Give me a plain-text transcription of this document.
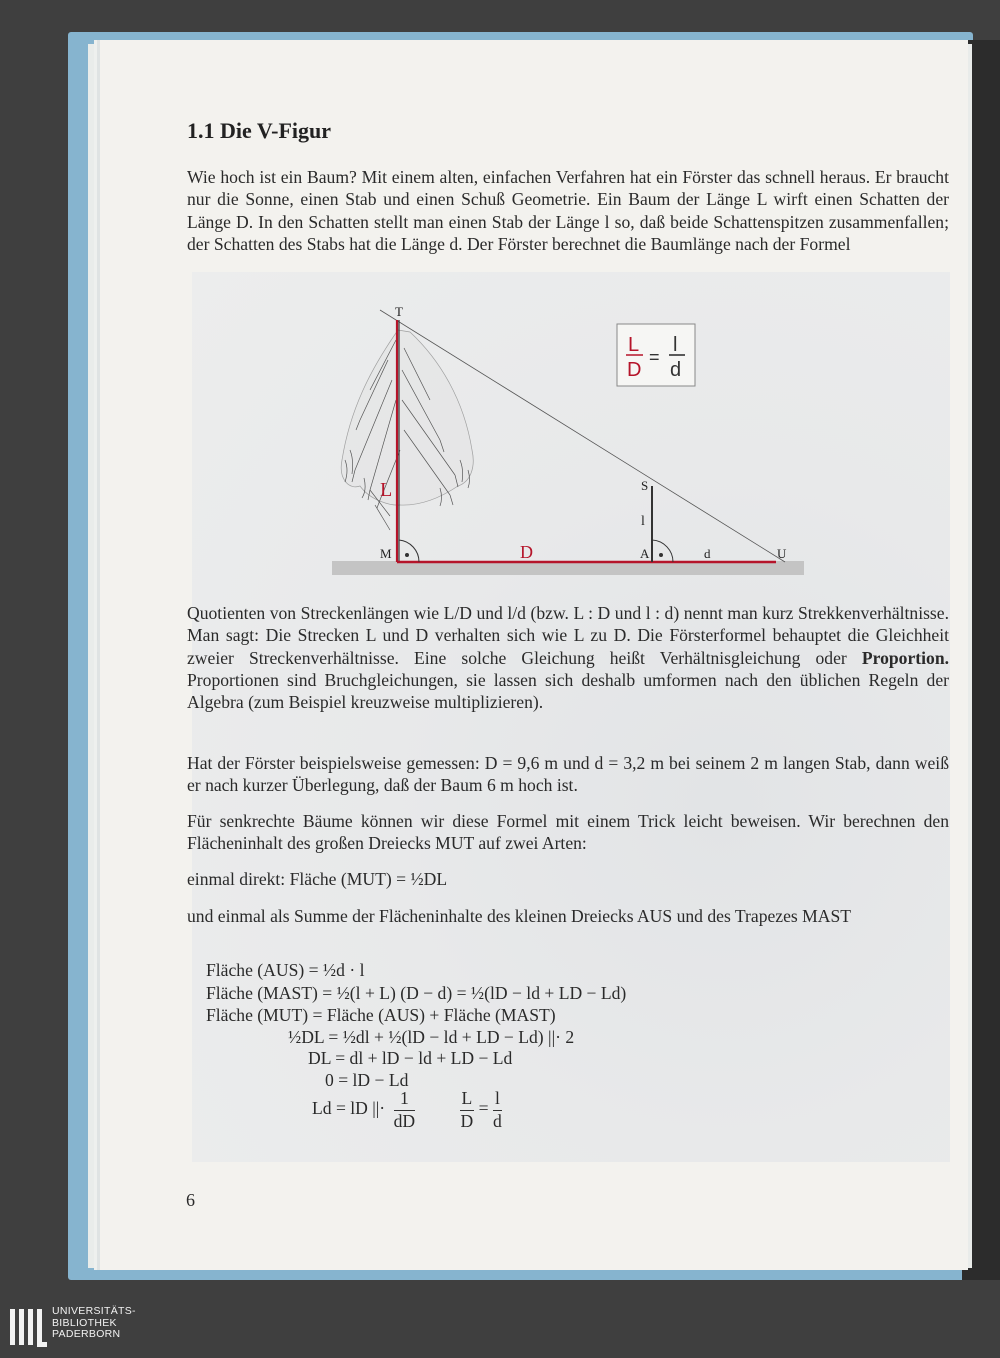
1.1 Die V-Figur

Wie hoch ist ein Baum? Mit einem alten, einfachen Verfahren hat ein Förster das schnell heraus. Er braucht nur die Sonne, einen Stab und einen Schuß Geometrie. Ein Baum der Länge L wirft einen Schatten der Länge D. In den Schatten stellt man einen Stab der Länge l so, daß beide Schattenspitzen zusammenfallen; der Schatten des Stabs hat die Länge d. Der Förster berechnet die Baumlänge nach der Formel

T
S
l
M	A	d	U
L
D
L
D
=
l
d

Quotienten von Streckenlängen wie L/D und l/d (bzw. L : D und l : d) nennt man kurz Strekkenverhältnisse. Man sagt: Die Strecken L und D verhalten sich wie L zu D. Die Försterformel behauptet die Gleichheit zweier Streckenverhältnisse. Eine solche Gleichung heißt Verhältnisgleichung oder Proportion. Proportionen sind Bruchgleichungen, sie lassen sich deshalb umformen nach den üblichen Regeln der Algebra (zum Beispiel kreuzweise multiplizieren).

Hat der Förster beispielsweise gemessen: D = 9,6 m und d = 3,2 m bei seinem 2 m langen Stab, dann weiß er nach kurzer Überlegung, daß der Baum 6 m hoch ist.

Für senkrechte Bäume können wir diese Formel mit einem Trick leicht beweisen. Wir berechnen den Flächeninhalt des großen Dreiecks MUT auf zwei Arten:

einmal direkt: Fläche (MUT) = ½DL

und einmal als Summe der Flächeninhalte des kleinen Dreiecks AUS und des Trapezes MAST

Fläche (AUS) = ½d · l
Fläche (MAST) = ½(l + L) (D − d) = ½(lD − ld + LD − Ld)
Fläche (MUT) = Fläche (AUS) + Fläche (MAST)
½DL = ½dl + ½(lD − ld + LD − Ld) ||· 2
DL = dl + lD − ld + LD − Ld
0 = lD − Ld
Ld = lD ||· $\frac{1}{dD}$
	$\frac{L}{D} = \frac{l}{d}$
6
UNIVERSITÄTS-
BIBLIOTHEK
PADERBORN
